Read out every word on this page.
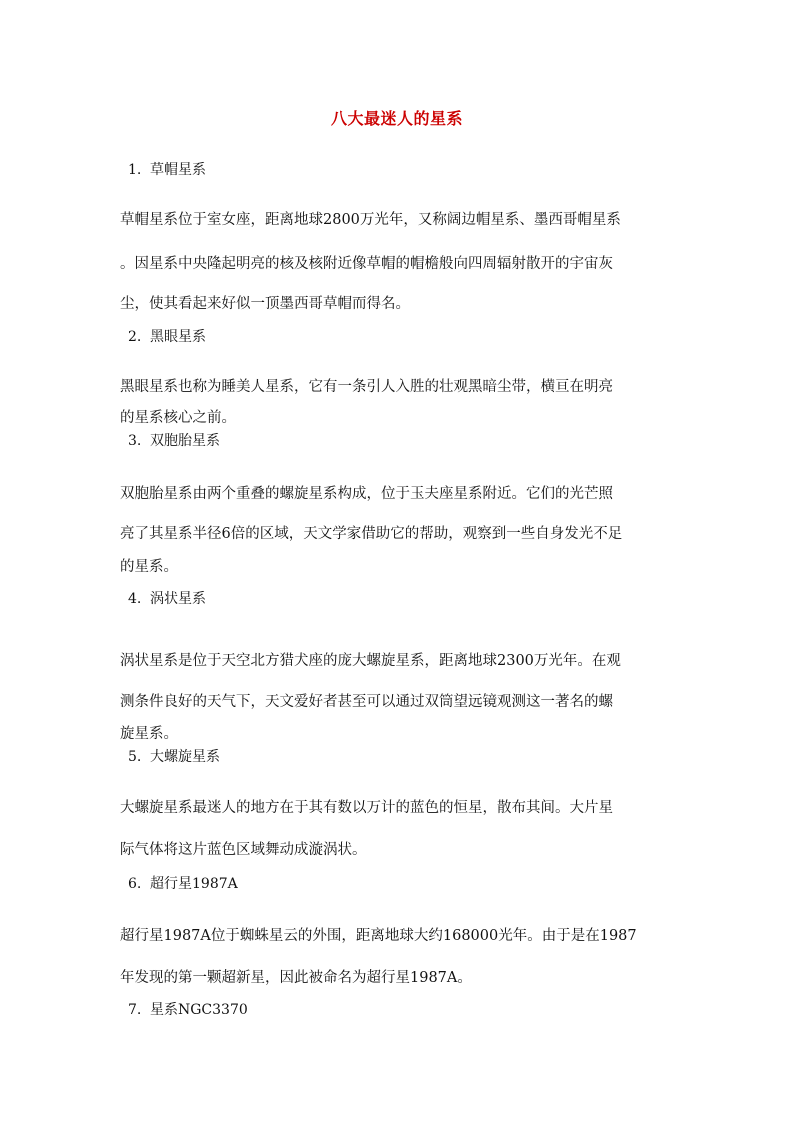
八大最迷人的星系
1. 草帽星系
草帽星系位于室女座，距离地球2800万光年，又称阔边帽星系、墨西哥帽星系
。因星系中央隆起明亮的核及核附近像草帽的帽檐般向四周辐射散开的宇宙灰
尘，使其看起来好似一顶墨西哥草帽而得名。
2. 黑眼星系
黑眼星系也称为睡美人星系，它有一条引人入胜的壮观黑暗尘带，横亘在明亮
的星系核心之前。
3. 双胞胎星系
双胞胎星系由两个重叠的螺旋星系构成，位于玉夫座星系附近。它们的光芒照
亮了其星系半径6倍的区域，天文学家借助它的帮助，观察到一些自身发光不足
的星系。
4. 涡状星系
涡状星系是位于天空北方猎犬座的庞大螺旋星系，距离地球2300万光年。在观
测条件良好的天气下，天文爱好者甚至可以通过双筒望远镜观测这一著名的螺
旋星系。
5. 大螺旋星系
大螺旋星系最迷人的地方在于其有数以万计的蓝色的恒星，散布其间。大片星
际气体将这片蓝色区域舞动成漩涡状。
6. 超行星1987A
超行星1987A位于蜘蛛星云的外围，距离地球大约168000光年。由于是在1987
年发现的第一颗超新星，因此被命名为超行星1987A。
7. 星系NGC3370
